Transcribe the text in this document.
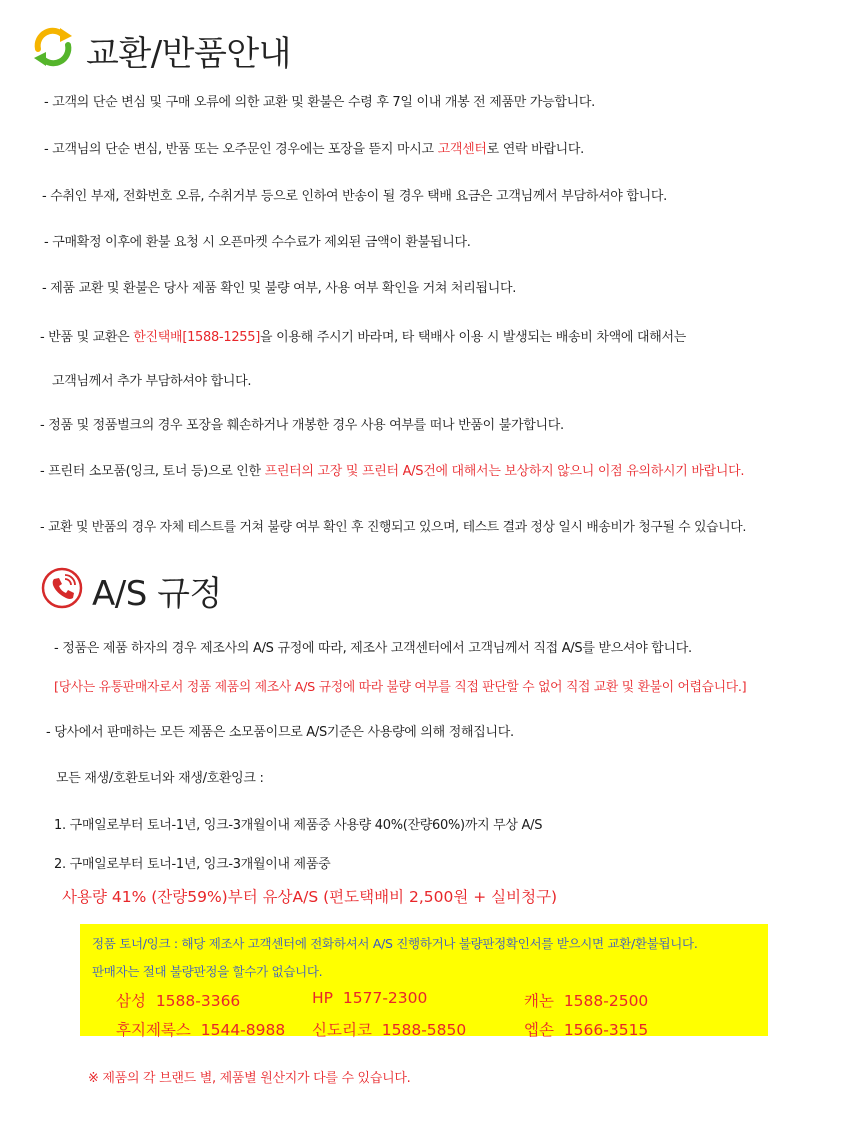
교환/반품안내
- 고객의 단순 변심 및 구매 오류에 의한 교환 및 환불은 수령 후 7일 이내 개봉 전 제품만 가능합니다.
- 고객님의 단순 변심, 반품 또는 오주문인 경우에는 포장을 뜯지 마시고 고객센터로 연락 바랍니다.
- 수취인 부재, 전화번호 오류, 수취거부 등으로 인하여 반송이 될 경우 택배 요금은 고객님께서 부담하셔야 합니다.
- 구매확정 이후에 환불 요청 시 오픈마켓 수수료가 제외된 금액이 환불됩니다.
- 제품 교환 및 환불은 당사 제품 확인 및 불량 여부, 사용 여부 확인을 거쳐 처리됩니다.
- 반품 및 교환은 한진택배[1588-1255]을 이용해 주시기 바라며, 타 택배사 이용 시 발생되는 배송비 차액에 대해서는
고객님께서 추가 부담하셔야 합니다.
- 정품 및 정품벌크의 경우 포장을 훼손하거나 개봉한 경우 사용 여부를 떠나 반품이 불가합니다.
- 프린터 소모품(잉크, 토너 등)으로 인한 프린터의 고장 및 프린터 A/S건에 대해서는 보상하지 않으니 이점 유의하시기 바랍니다.
- 교환 및 반품의 경우 자체 테스트를 거쳐 불량 여부 확인 후 진행되고 있으며, 테스트 결과 정상 일시 배송비가 청구될 수 있습니다.
A/S 규정
- 정품은 제품 하자의 경우 제조사의 A/S 규정에 따라, 제조사 고객센터에서 고객님께서 직접 A/S를 받으셔야 합니다.
[당사는 유통판매자로서 정품 제품의 제조사 A/S 규정에 따라 불량 여부를 직접 판단할 수 없어 직접 교환 및 환불이 어렵습니다.]
- 당사에서 판매하는 모든 제품은 소모품이므로 A/S기준은 사용량에 의해 정해집니다.
모든 재생/호환토너와 재생/호환잉크 :
1. 구매일로부터 토너-1년, 잉크-3개월이내 제품중 사용량 40%(잔량60%)까지 무상 A/S
2. 구매일로부터 토너-1년, 잉크-3개월이내 제품중
사용량 41% (잔량59%)부터 유상A/S (편도택배비 2,500원 + 실비청구)
정품 토너/잉크 : 해당 제조사 고객센터에 전화하셔서 A/S 진행하거나 불량판정확인서를 받으시면 교환/환불됩니다.
판매자는 절대 불량판정을 할수가 없습니다.
삼성 1588-3366	HP 1577-2300	캐논 1588-2500
후지제록스 1544-8988 신도리코 1588-5850	엡손 1566-3515
※ 제품의 각 브랜드 별, 제품별 원산지가 다를 수 있습니다.
